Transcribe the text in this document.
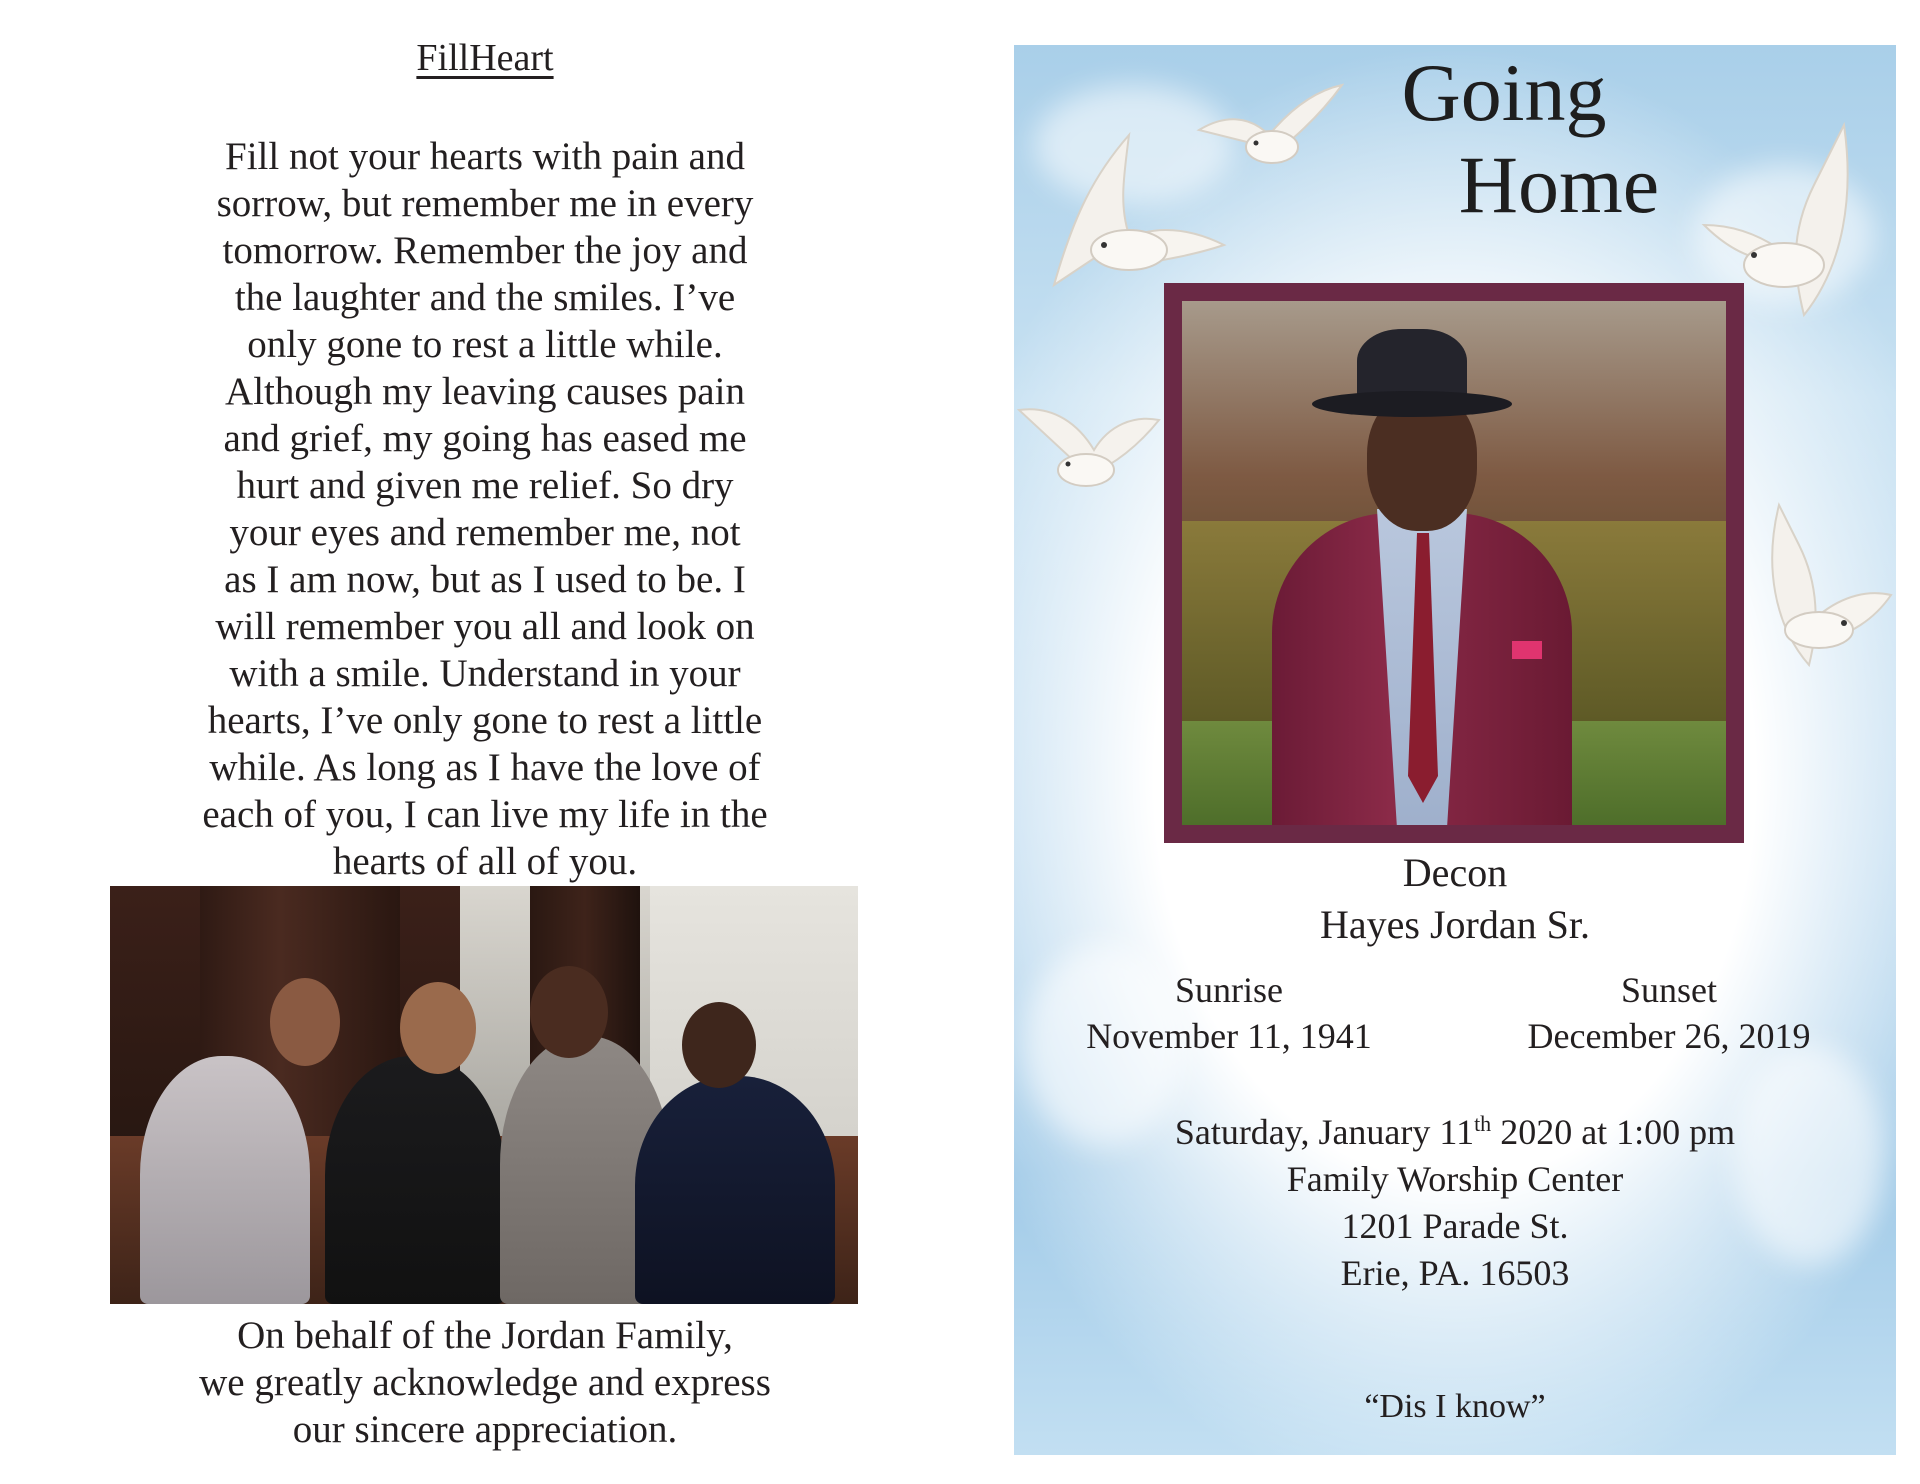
FillHeart
Fill not your hearts with pain and
sorrow, but remember me in every
tomorrow. Remember the joy and
the laughter and the smiles. I’ve
only gone to rest a little while.
Although my leaving causes pain
and grief, my going has eased me
hurt and given me relief. So dry
your eyes and remember me, not
as I am now, but as I used to be. I
will remember you all and look on
with a smile. Understand in your
hearts, I’ve only gone to rest a little
while. As long as I have the love of
each of you, I can live my life in the
hearts of all of you.
On behalf of the Jordan Family,
we greatly acknowledge and express
our sincere appreciation.
Going
Home
Decon
Hayes Jordan Sr.
Sunrise
November 11, 1941
Sunset
December 26, 2019
Saturday, January 11th 2020 at 1:00 pm
Family Worship Center
1201 Parade St.
Erie, PA. 16503
“Dis I know”
